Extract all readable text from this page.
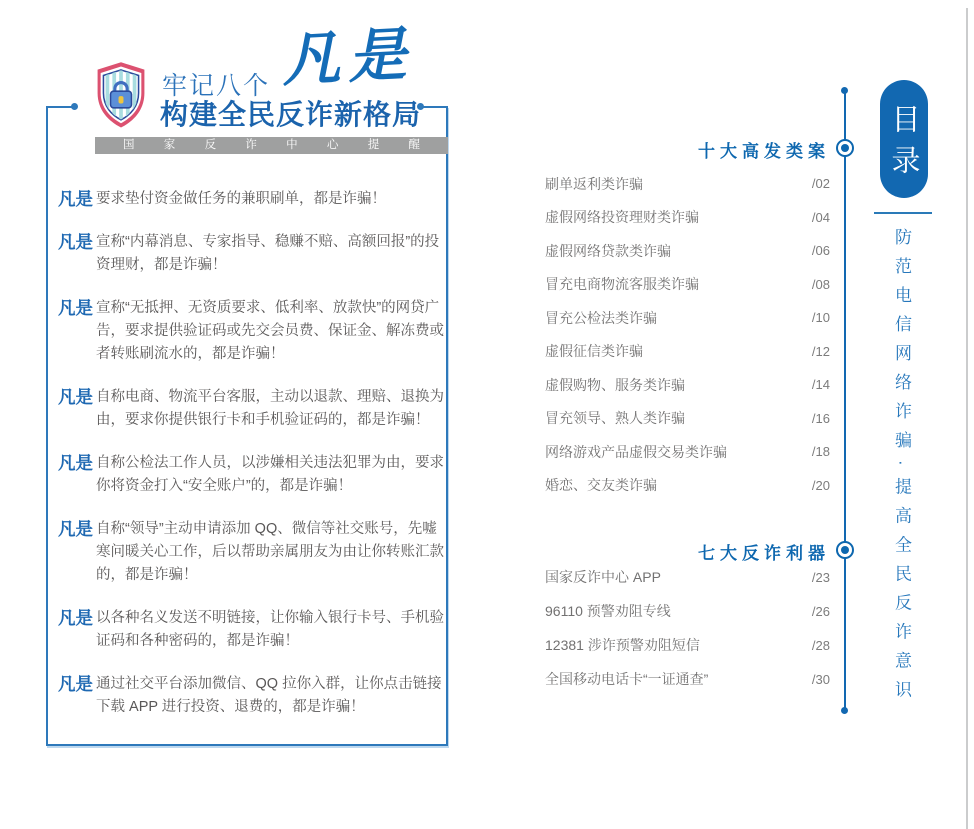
牢记八个 凡是
构建全民反诈新格局
国	家	反	诈	中	心	提	醒
凡是 要求垫付资金做任务的兼职刷单，都是诈骗！
凡是 宣称“内幕消息、专家指导、稳赚不赔、高额回报”的投资理财，都是诈骗！
凡是 宣称“无抵押、无资质要求、低利率、放款快”的网贷广告，要求提供验证码或先交会员费、保证金、解冻费或者转账刷流水的，都是诈骗！
凡是 自称电商、物流平台客服，主动以退款、理赔、退换为由，要求你提供银行卡和手机验证码的，都是诈骗！
凡是 自称公检法工作人员，以涉嫌相关违法犯罪为由，要求你将资金打入“安全账户”的，都是诈骗！
凡是 自称“领导”主动申请添加 QQ、微信等社交账号，先嘘寒问暖关心工作，后以帮助亲属朋友为由让你转账汇款的，都是诈骗！
凡是 以各种名义发送不明链接，让你输入银行卡号、手机验证码和各种密码的，都是诈骗！
凡是 通过社交平台添加微信、QQ 拉你入群，让你点击链接下载 APP 进行投资、退费的，都是诈骗！
十大高发类案
刷单返利类诈骗	/02
虚假网络投资理财类诈骗	/04
虚假网络贷款类诈骗	/06
冒充电商物流客服类诈骗	/08
冒充公检法类诈骗	/10
虚假征信类诈骗	/12
虚假购物、服务类诈骗	/14
冒充领导、熟人类诈骗	/16
网络游戏产品虚假交易类诈骗	/18
婚恋、交友类诈骗	/20
七大反诈利器
国家反诈中心 APP	/23
96110 预警劝阻专线	/26
12381 涉诈预警劝阻短信	/28
全国移动电话卡“一证通查”	/30
目录
防范电信网络诈骗·提高全民反诈意识
